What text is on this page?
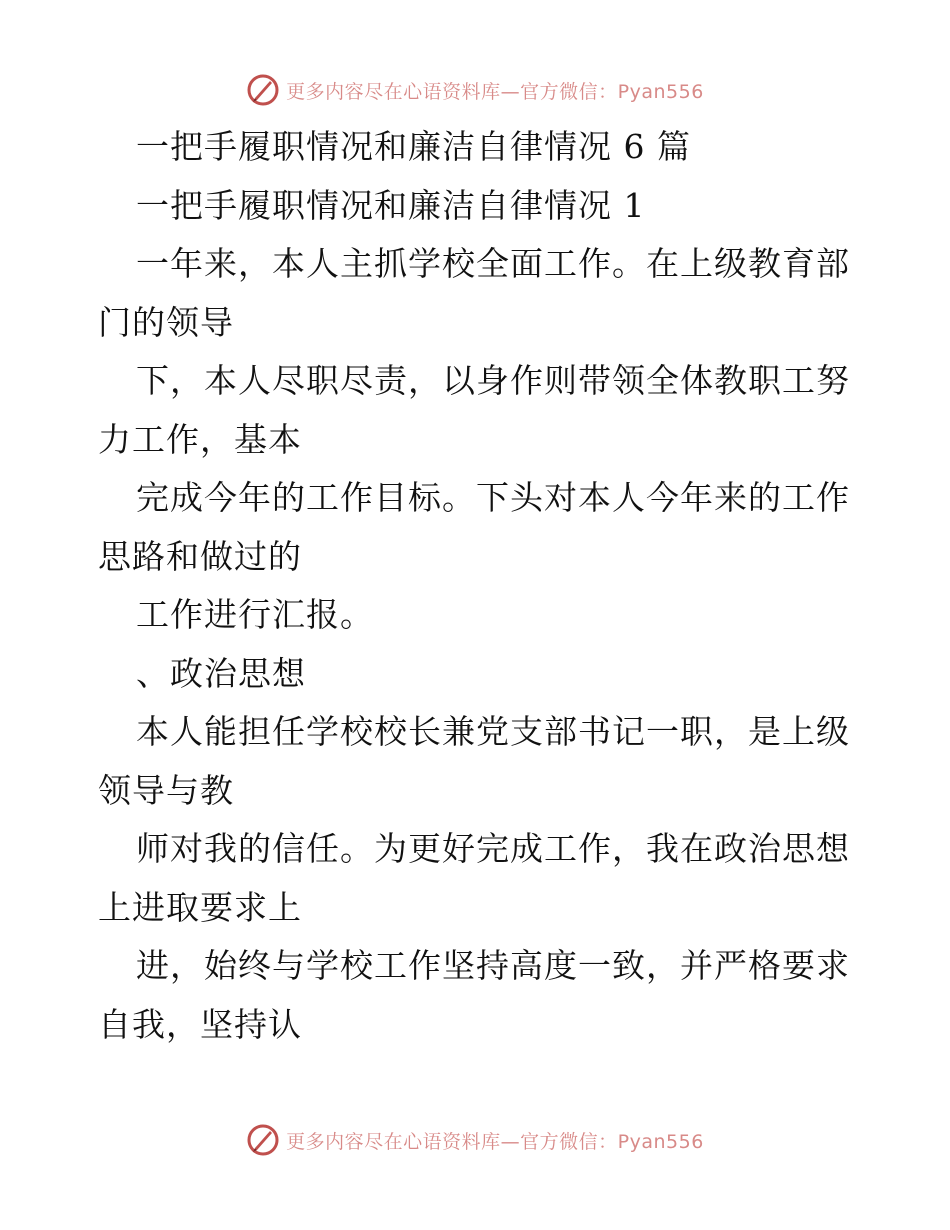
更多内容尽在心语资料库—官方微信：Pyan556
一把手履职情况和廉洁自律情况 6 篇
一把手履职情况和廉洁自律情况 1
一年来，本人主抓学校全面工作。在上级教育部
门的领导
下，本人尽职尽责，以身作则带领全体教职工努
力工作，基本
完成今年的工作目标。下头对本人今年来的工作
思路和做过的
工作进行汇报。
、政治思想
本人能担任学校校长兼党支部书记一职，是上级
领导与教
师对我的信任。为更好完成工作，我在政治思想
上进取要求上
进，始终与学校工作坚持高度一致，并严格要求
自我，坚持认
更多内容尽在心语资料库—官方微信：Pyan556
